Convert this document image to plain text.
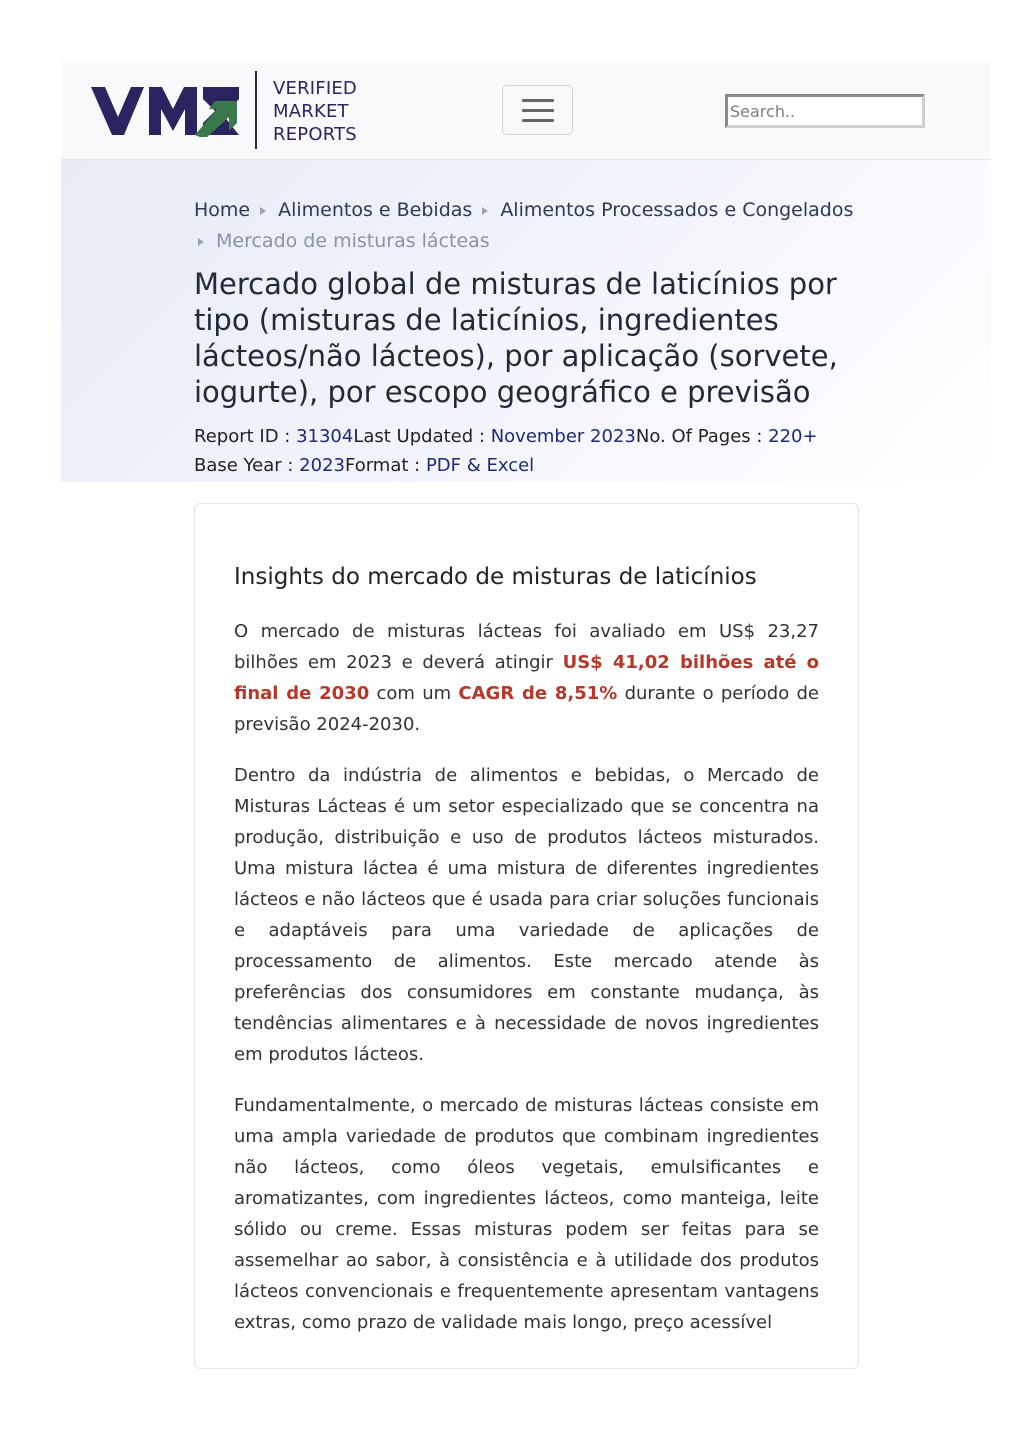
VERIFIED
MARKET
REPORTS
Search..
Home Alimentos e Bebidas Alimentos Processados e Congelados
Mercado de misturas lácteas
Mercado global de misturas de laticínios por tipo (misturas de laticínios, ingredientes lácteos/não lácteos), por aplicação (sorvete, iogurte), por escopo geográfico e previsão
Report ID : 31304Last Updated : November 2023No. Of Pages : 220+
Base Year : 2023Format : PDF & Excel
Insights do mercado de misturas de laticínios

O mercado de misturas lácteas foi avaliado em US$ 23,27 bilhões em 2023 e deverá atingir US$ 41,02 bilhões até o final de 2030 com um CAGR de 8,51% durante o período de previsão 2024-2030.

Dentro da indústria de alimentos e bebidas, o Mercado de Misturas Lácteas é um setor especializado que se concentra na produção, distribuição e uso de produtos lácteos misturados. Uma mistura láctea é uma mistura de diferentes ingredientes lácteos e não lácteos que é usada para criar soluções funcionais e adaptáveis para uma variedade de aplicações de processamento de alimentos. Este mercado atende às preferências dos consumidores em constante mudança, às tendências alimentares e à necessidade de novos ingredientes em produtos lácteos.

Fundamentalmente, o mercado de misturas lácteas consiste em uma ampla variedade de produtos que combinam ingredientes não lácteos, como óleos vegetais, emulsificantes e aromatizantes, com ingredientes lácteos, como manteiga, leite sólido ou creme. Essas misturas podem ser feitas para se assemelhar ao sabor, à consistência e à utilidade dos produtos lácteos convencionais e frequentemente apresentam vantagens extras, como prazo de validade mais longo, preço acessível
